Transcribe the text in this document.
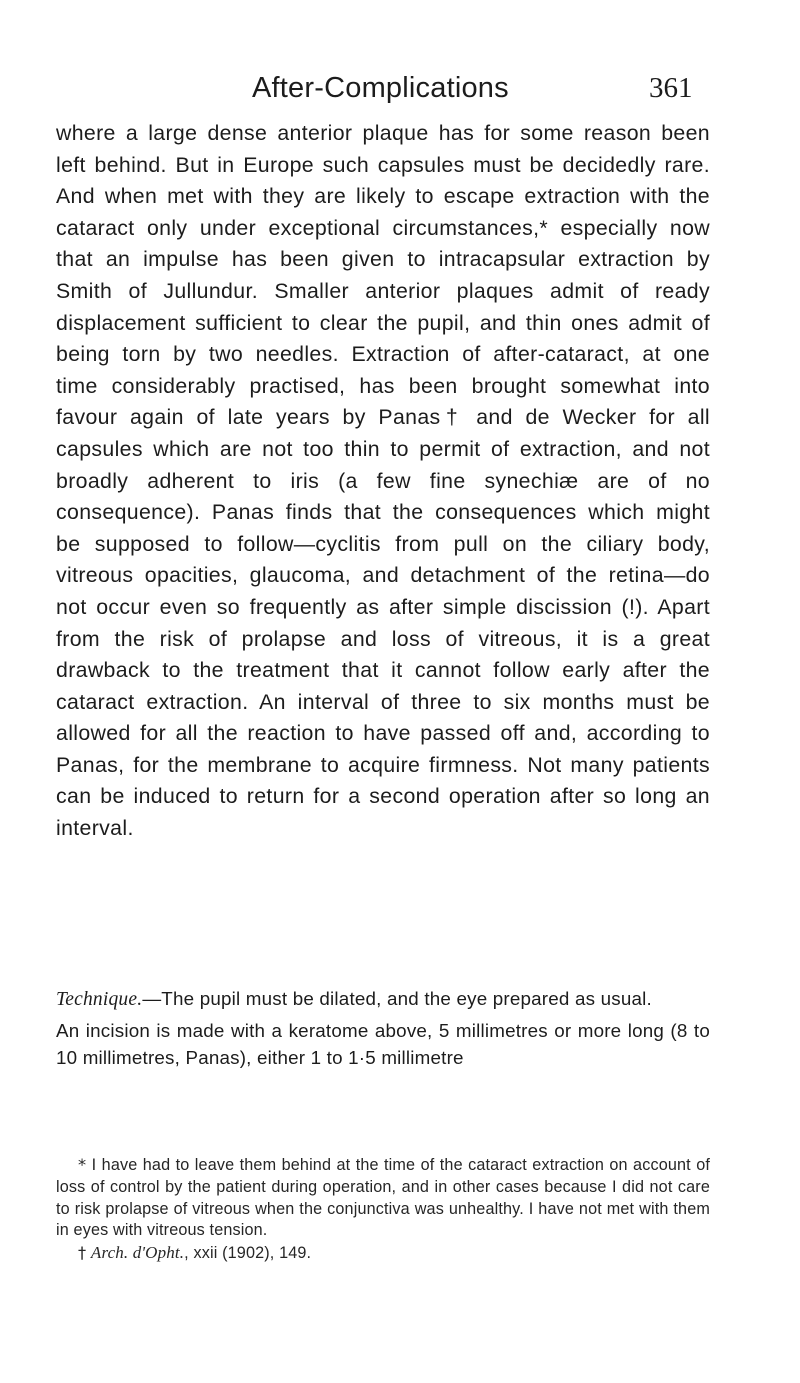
After-Complications	361

where a large dense anterior plaque has for some reason been left behind. But in Europe such capsules must be decidedly rare. And when met with they are likely to escape extraction with the cataract only under exceptional circumstances,* especially now that an impulse has been given to intracapsular extraction by Smith of Jullundur. Smaller anterior plaques admit of ready displacement sufficient to clear the pupil, and thin ones admit of being torn by two needles. Extraction of after-cataract, at one time considerably practised, has been brought somewhat into favour again of late years by Panas† and de Wecker for all capsules which are not too thin to permit of extraction, and not broadly adherent to iris (a few fine synechiæ are of no consequence). Panas finds that the consequences which might be supposed to follow—cyclitis from pull on the ciliary body, vitreous opacities, glaucoma, and detachment of the retina—do not occur even so frequently as after simple discission (!). Apart from the risk of prolapse and loss of vitreous, it is a great drawback to the treatment that it cannot follow early after the cataract extraction. An interval of three to six months must be allowed for all the reaction to have passed off and, according to Panas, for the membrane to acquire firmness. Not many patients can be induced to return for a second operation after so long an interval.

Technique.—The pupil must be dilated, and the eye prepared as usual.

An incision is made with a keratome above, 5 millimetres or more long (8 to 10 millimetres, Panas), either 1 to 1·5 millimetre

* I have had to leave them behind at the time of the cataract extraction on account of loss of control by the patient during operation, and in other cases because I did not care to risk prolapse of vitreous when the conjunctiva was unhealthy. I have not met with them in eyes with vitreous tension.

† Arch. d'Opht., xxii (1902), 149.
